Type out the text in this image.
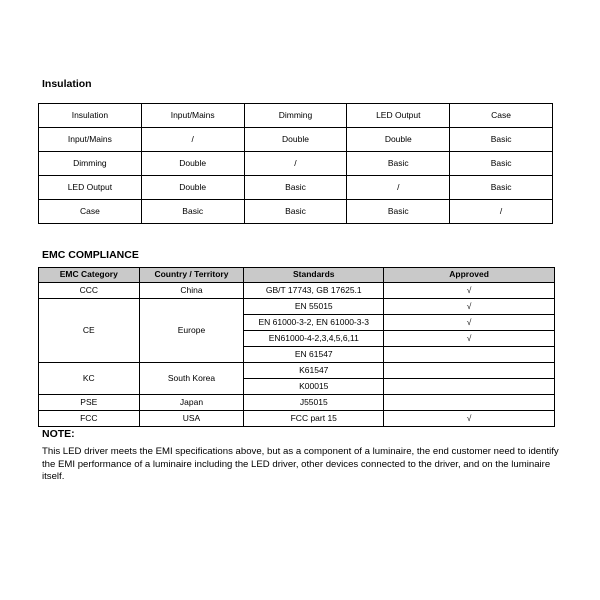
Insulation
Insulation	Input/Mains	Dimming	LED Output	Case
Input/Mains	/	Double	Double	Basic
Dimming	Double	/	Basic	Basic
LED Output	Double	Basic	/	Basic
Case	Basic	Basic	Basic	/
EMC COMPLIANCE
EMC Category	Country / Territory	Standards	Approved
CCC	China	GB/T 17743, GB 17625.1	√
CE	Europe	EN 55015	√
		EN 61000-3-2, EN 61000-3-3	√
		EN61000-4-2,3,4,5,6,11	√
		EN 61547	
KC	South Korea	K61547	
		K00015	
PSE	Japan	J55015	
FCC	USA	FCC part 15	√
NOTE:
This LED driver meets the EMI specifications above, but as a component of a luminaire, the end customer need to identify the EMI performance of a luminaire including the LED driver, other devices connected to the driver, and on the luminaire itself.
